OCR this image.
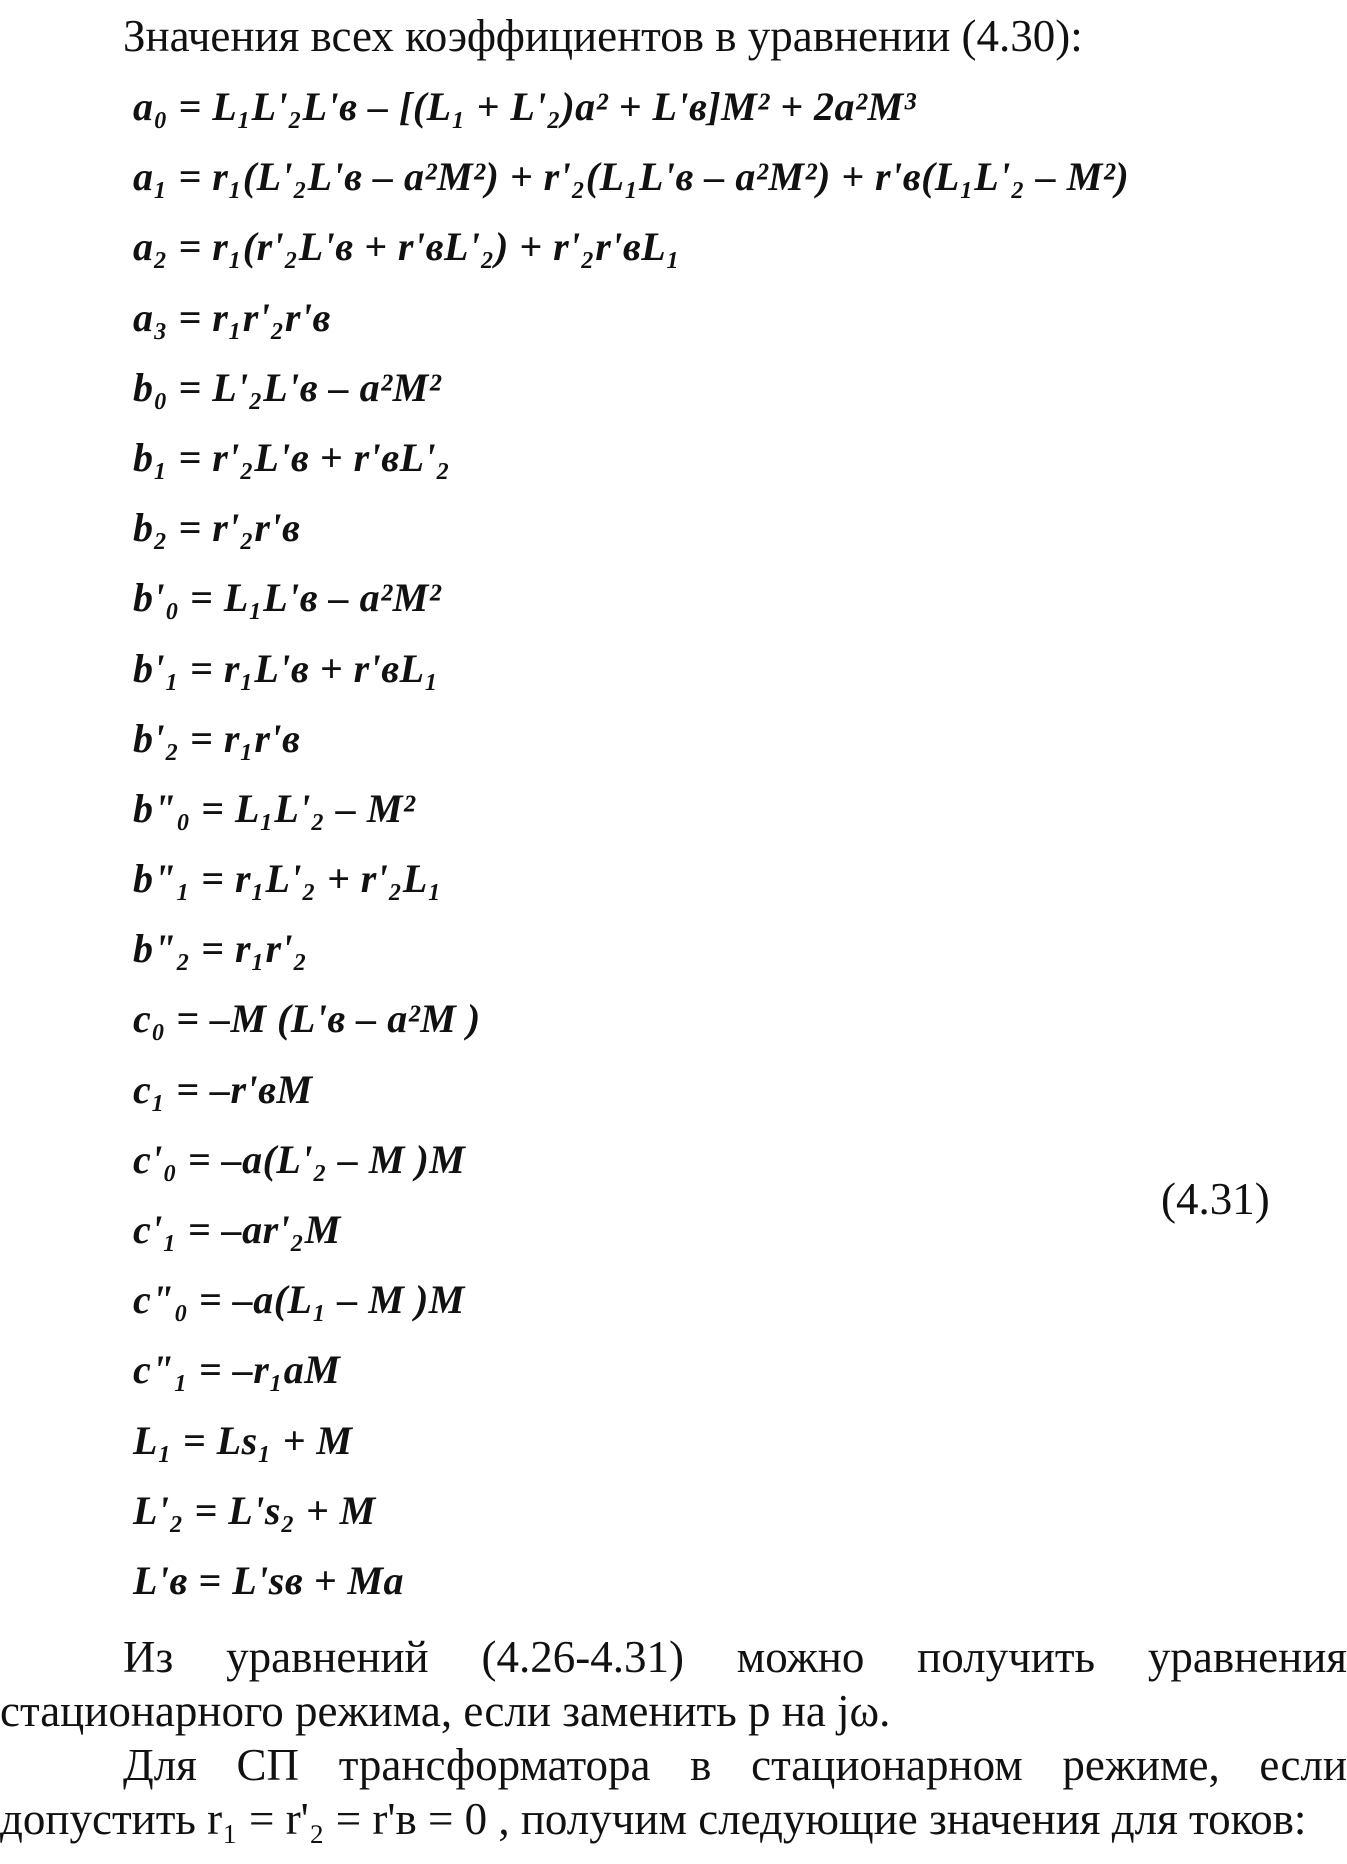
Значения всех коэффициентов в уравнении (4.30):
a₀ = L₁L'₂L'в – [(L₁ + L'₂)a² + L'в]M² + 2a²M³
a₁ = r₁(L'₂L'в – a²M²) + r'₂(L₁L'в – a²M²) + r'в(L₁L'₂ – M²)
a₂ = r₁(r'₂L'в + r'вL'₂) + r'₂r'вL₁
a₃ = r₁r'₂r'в
b₀ = L'₂L'в – a²M²
b₁ = r'₂L'в + r'вL'₂
b₂ = r'₂r'в
b'₀ = L₁L'в – a²M²
b'₁ = r₁L'в + r'вL₁
b'₂ = r₁r'в
b"₀ = L₁L'₂ – M²
b"₁ = r₁L'₂ + r'₂L₁
b"₂ = r₁r'₂
c₀ = –M (L'в – a²M )
c₁ = –r'вM
c'₀ = –a(L'₂ – M )M
c'₁ = –ar'₂M
c"₀ = –a(L₁ – M )M
c"₁ = –r₁aM
L₁ = Ls₁ + M
L'₂ = L's₂ + M
L'в = L'sв + Ma
(4.31)
Из уравнений (4.26-4.31) можно получить уравнения
стационарного режима, если заменить р на jω.
Для СП трансформатора в стационарном режиме, если
допустить r₁ = r'₂ = r'в = 0 , получим следующие значения для токов:
